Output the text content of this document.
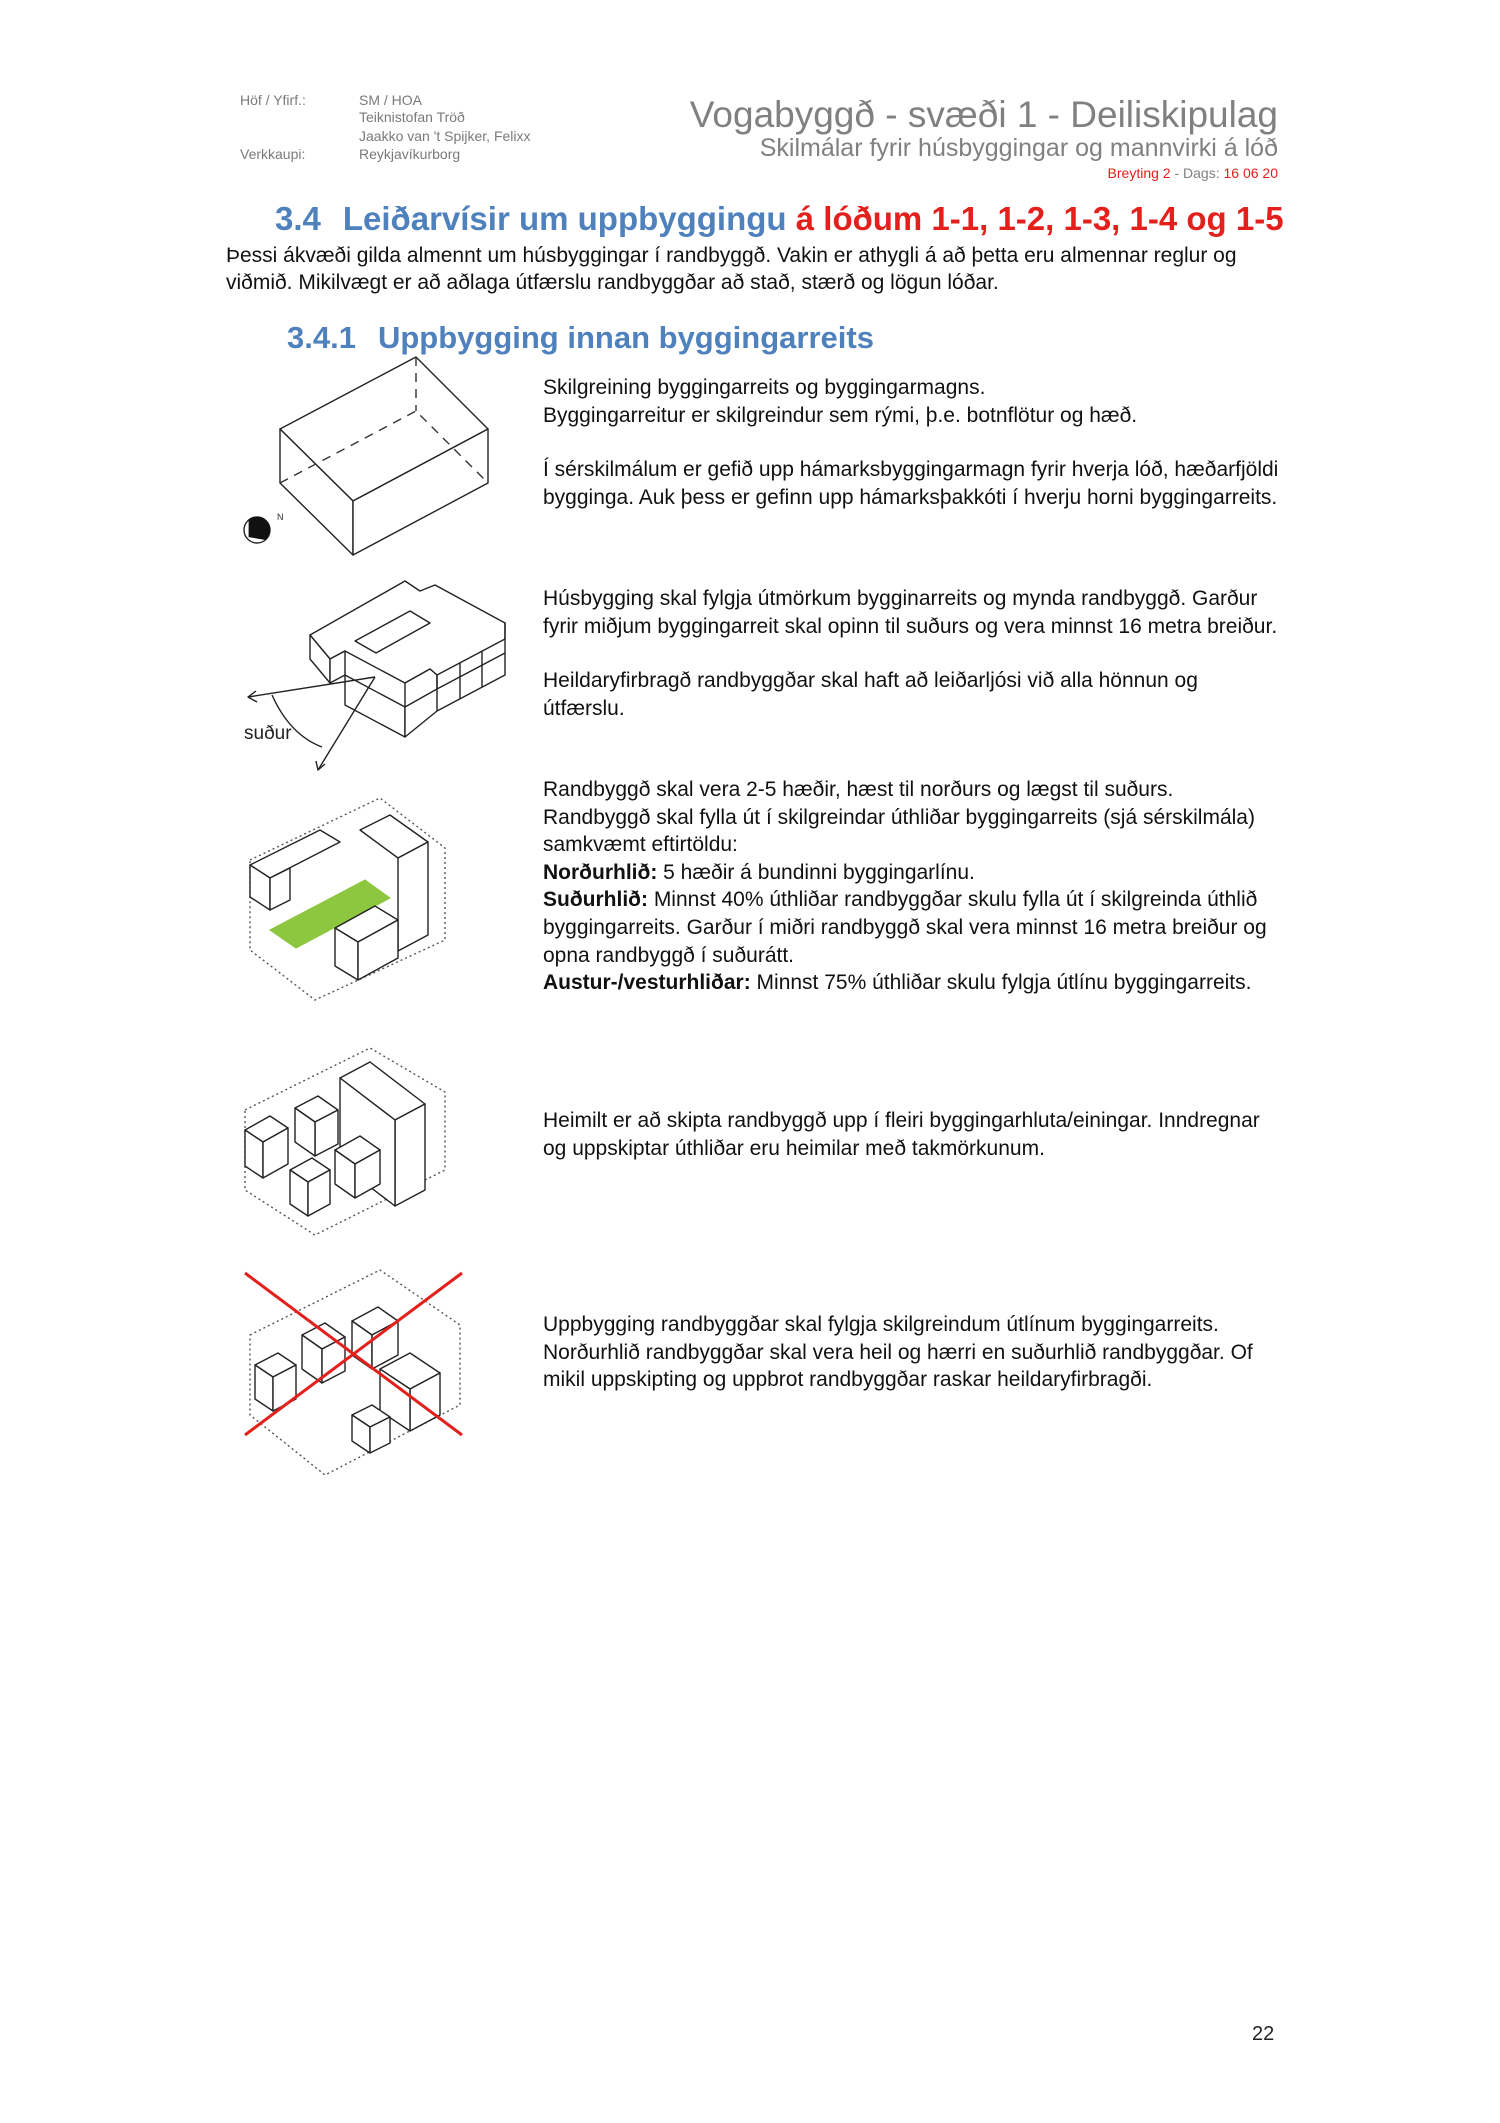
Höf / Yfirf.:	SM / HOA
Teiknistofan Tröð
Jaakko van 't Spijker, Felixx
Verkkaupi:	Reykjavíkurborg
Vogabyggð - svæði 1 - Deiliskipulag
Skilmálar fyrir húsbyggingar og mannvirki á lóð
Breyting 2 - Dags: 16 06 20
3.4 Leiðarvísir um uppbyggingu á lóðum 1-1, 1-2, 1-3, 1-4 og 1-5
Þessi ákvæði gilda almennt um húsbyggingar í randbyggð. Vakin er athygli á að þetta eru almennar reglur og viðmið. Mikilvægt er að aðlaga útfærslu randbyggðar að stað, stærð og lögun lóðar.
3.4.1 Uppbygging innan byggingarreits
N
suður

Skilgreining byggingarreits og byggingarmagns.
Byggingarreitur er skilgreindur sem rými, þ.e. botnflötur og hæð.

Í sérskilmálum er gefið upp hámarksbyggingarmagn fyrir hverja lóð, hæðarfjöldi bygginga. Auk þess er gefinn upp hámarksþakkóti í hverju horni byggingarreits.

Húsbygging skal fylgja útmörkum bygginarreits og mynda randbyggð. Garður fyrir miðjum byggingarreit skal opinn til suðurs og vera minnst 16 metra breiður.

Heildaryfirbragð randbyggðar skal haft að leiðarljósi við alla hönnun og útfærslu.

Randbyggð skal vera 2-5 hæðir, hæst til norðurs og lægst til suðurs.
Randbyggð skal fylla út í skilgreindar úthliðar byggingarreits (sjá sérskilmála) samkvæmt eftirtöldu:
Norðurhlið: 5 hæðir á bundinni byggingarlínu.
Suðurhlið: Minnst 40% úthliðar randbyggðar skulu fylla út í skilgreinda úthlið byggingarreits. Garður í miðri randbyggð skal vera minnst 16 metra breiður og opna randbyggð í suðurátt.
Austur-/vesturhliðar: Minnst 75% úthliðar skulu fylgja útlínu byggingarreits.

Heimilt er að skipta randbyggð upp í fleiri byggingarhluta/einingar. Inndregnar og uppskiptar úthliðar eru heimilar með takmörkunum.

Uppbygging randbyggðar skal fylgja skilgreindum útlínum byggingarreits. Norðurhlið randbyggðar skal vera heil og hærri en suðurhlið randbyggðar. Of mikil uppskipting og uppbrot randbyggðar raskar heildaryfirbragði.

22
